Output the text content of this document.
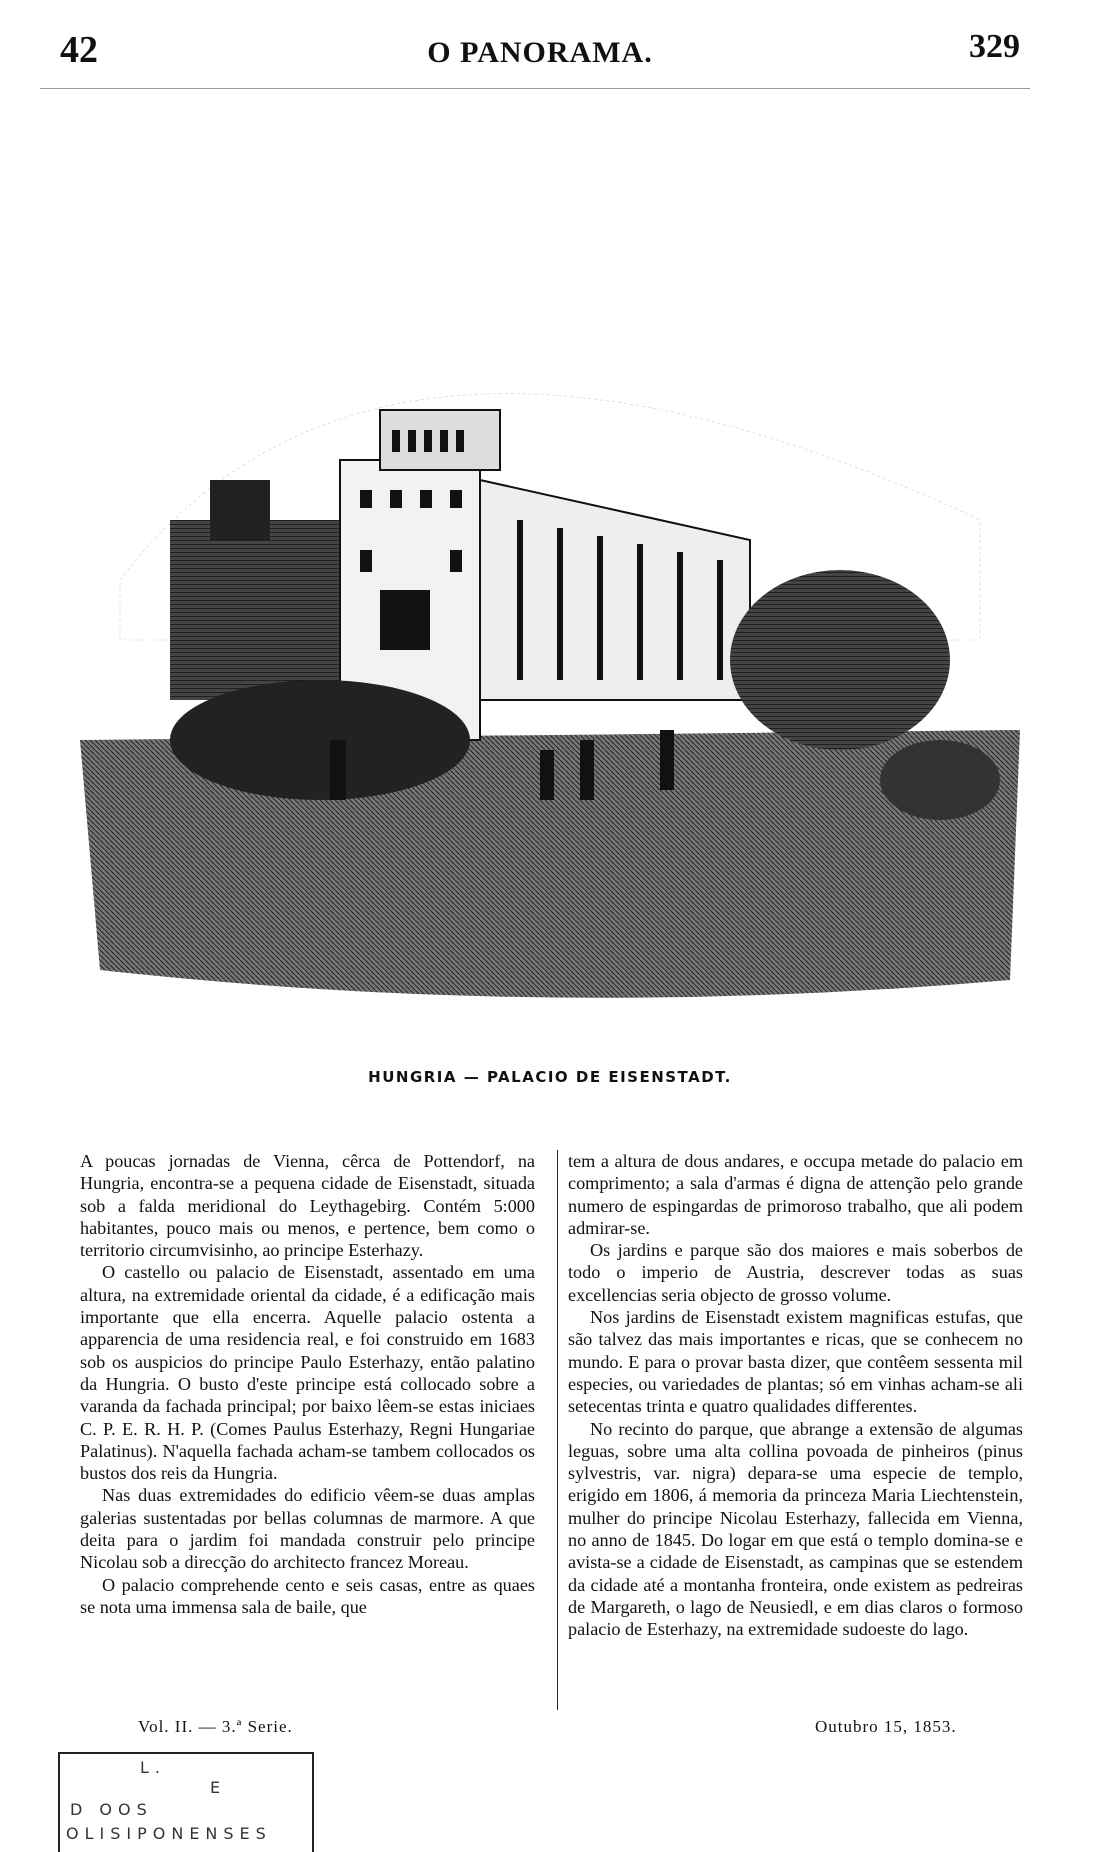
42	O PANORAMA.	329
HUNGRIA — PALACIO DE EISENSTADT.

A poucas jornadas de Vienna, cêrca de Pottendorf, na Hungria, encontra-se a pequena cidade de Eisenstadt, situada sob a falda meridional do Leythagebirg. Contém 5:000 habitantes, pouco mais ou menos, e pertence, bem como o territorio circumvisinho, ao principe Esterhazy.

O castello ou palacio de Eisenstadt, assentado em uma altura, na extremidade oriental da cidade, é a edificação mais importante que ella encerra. Aquelle palacio ostenta a apparencia de uma residencia real, e foi construido em 1683 sob os auspicios do principe Paulo Esterhazy, então palatino da Hungria. O busto d'este principe está collocado sobre a varanda da fachada principal; por baixo lêem-se estas iniciaes C. P. E. R. H. P. (Comes Paulus Esterhazy, Regni Hungariae Palatinus). N'aquella fachada acham-se tambem collocados os bustos dos reis da Hungria.

Nas duas extremidades do edificio vêem-se duas amplas galerias sustentadas por bellas columnas de marmore. A que deita para o jardim foi mandada construir pelo principe Nicolau sob a direcção do architecto francez Moreau.

O palacio comprehende cento e seis casas, entre as quaes se nota uma immensa sala de baile, que

tem a altura de dous andares, e occupa metade do palacio em comprimento; a sala d'armas é digna de attenção pelo grande numero de espingardas de primoroso trabalho, que ali podem admirar-se.

Os jardins e parque são dos maiores e mais soberbos de todo o imperio de Austria, descrever todas as suas excellencias seria objecto de grosso volume.

Nos jardins de Eisenstadt existem magnificas estufas, que são talvez das mais importantes e ricas, que se conhecem no mundo. E para o provar basta dizer, que contêem sessenta mil especies, ou variedades de plantas; só em vinhas acham-se ali setecentas trinta e quatro qualidades differentes.

No recinto do parque, que abrange a extensão de algumas leguas, sobre uma alta collina povoada de pinheiros (pinus sylvestris, var. nigra) depara-se uma especie de templo, erigido em 1806, á memoria da princeza Maria Liechtenstein, mulher do principe Nicolau Esterhazy, fallecida em Vienna, no anno de 1845. Do logar em que está o templo domina-se e avista-se a cidade de Eisenstadt, as campinas que se estendem da cidade até a montanha fronteira, onde existem as pedreiras de Margareth, o lago de Neusiedl, e em dias claros o formoso palacio de Esterhazy, na extremidade sudoeste do lago.

Vol. II. — 3.ª Serie.	Outubro 15, 1853.
L.
E
D OOS
OLISIPONENSES
